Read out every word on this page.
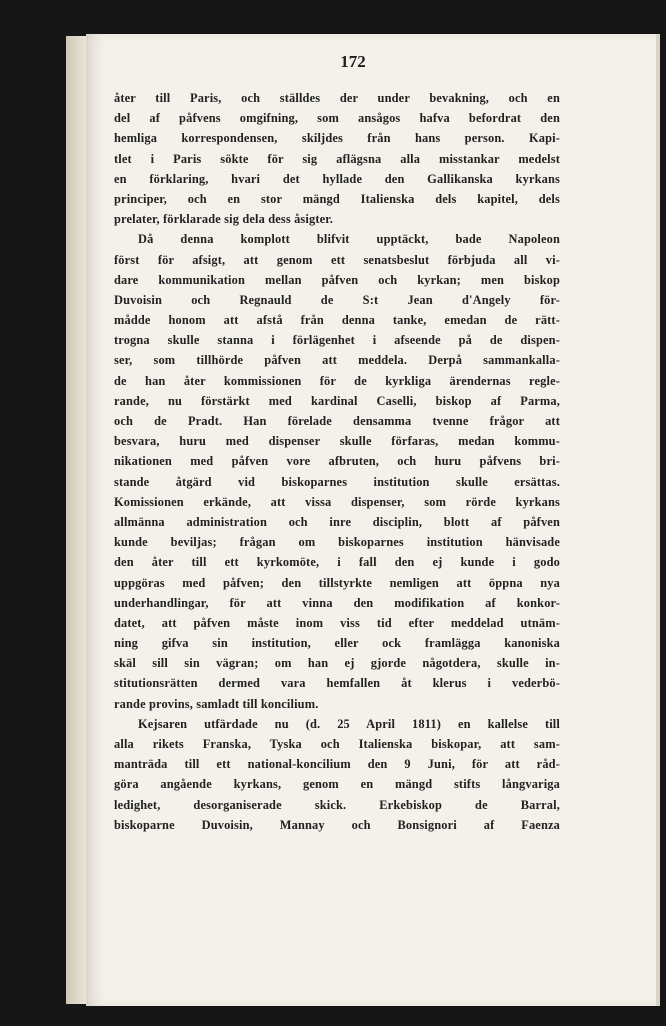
172
åter till Paris, och ställdes der under bevakning, och en
del af påfvens omgifning, som ansågos hafva befordrat den
hemliga korrespondensen, skiljdes från hans person. Kapi-
tlet i Paris sökte för sig aflägsna alla misstankar medelst
en förklaring, hvari det hyllade den Gallikanska kyrkans
principer, och en stor mängd Italienska dels kapitel, dels
prelater, förklarade sig dela dess åsigter.
Då denna komplott blifvit upptäckt, bade Napoleon
först för afsigt, att genom ett senatsbeslut förbjuda all vi-
dare kommunikation mellan påfven och kyrkan; men biskop
Duvoisin och Regnauld de S:t Jean d'Angely för-
mådde honom att afstå från denna tanke, emedan de rätt-
trogna skulle stanna i förlägenhet i afseende på de dispen-
ser, som tillhörde påfven att meddela. Derpå sammankalla-
de han åter kommissionen för de kyrkliga ärendernas regle-
rande, nu förstärkt med kardinal Caselli, biskop af Parma,
och de Pradt. Han förelade densamma tvenne frågor att
besvara, huru med dispenser skulle förfaras, medan kommu-
nikationen med påfven vore afbruten, och huru påfvens bri-
stande åtgärd vid biskoparnes institution skulle ersättas.
Komissionen erkände, att vissa dispenser, som rörde kyrkans
allmänna administration och inre disciplin, blott af påfven
kunde beviljas; frågan om biskoparnes institution hänvisade
den åter till ett kyrkomöte, i fall den ej kunde i godo
uppgöras med påfven; den tillstyrkte nemligen att öppna nya
underhandlingar, för att vinna den modifikation af konkor-
datet, att påfven måste inom viss tid efter meddelad utnäm-
ning gifva sin institution, eller ock framlägga kanoniska
skäl sill sin vägran; om han ej gjorde någotdera, skulle in-
stitutionsrätten dermed vara hemfallen åt klerus i vederbö-
rande provins, samladt till koncilium.
Kejsaren utfärdade nu (d. 25 April 1811) en kallelse till
alla rikets Franska, Tyska och Italienska biskopar, att sam-
manträda till ett national-koncilium den 9 Juni, för att råd-
göra angående kyrkans, genom en mängd stifts långvariga
ledighet, desorganiserade skick. Erkebiskop de Barral,
biskoparne Duvoisin, Mannay och Bonsignori af Faenza
